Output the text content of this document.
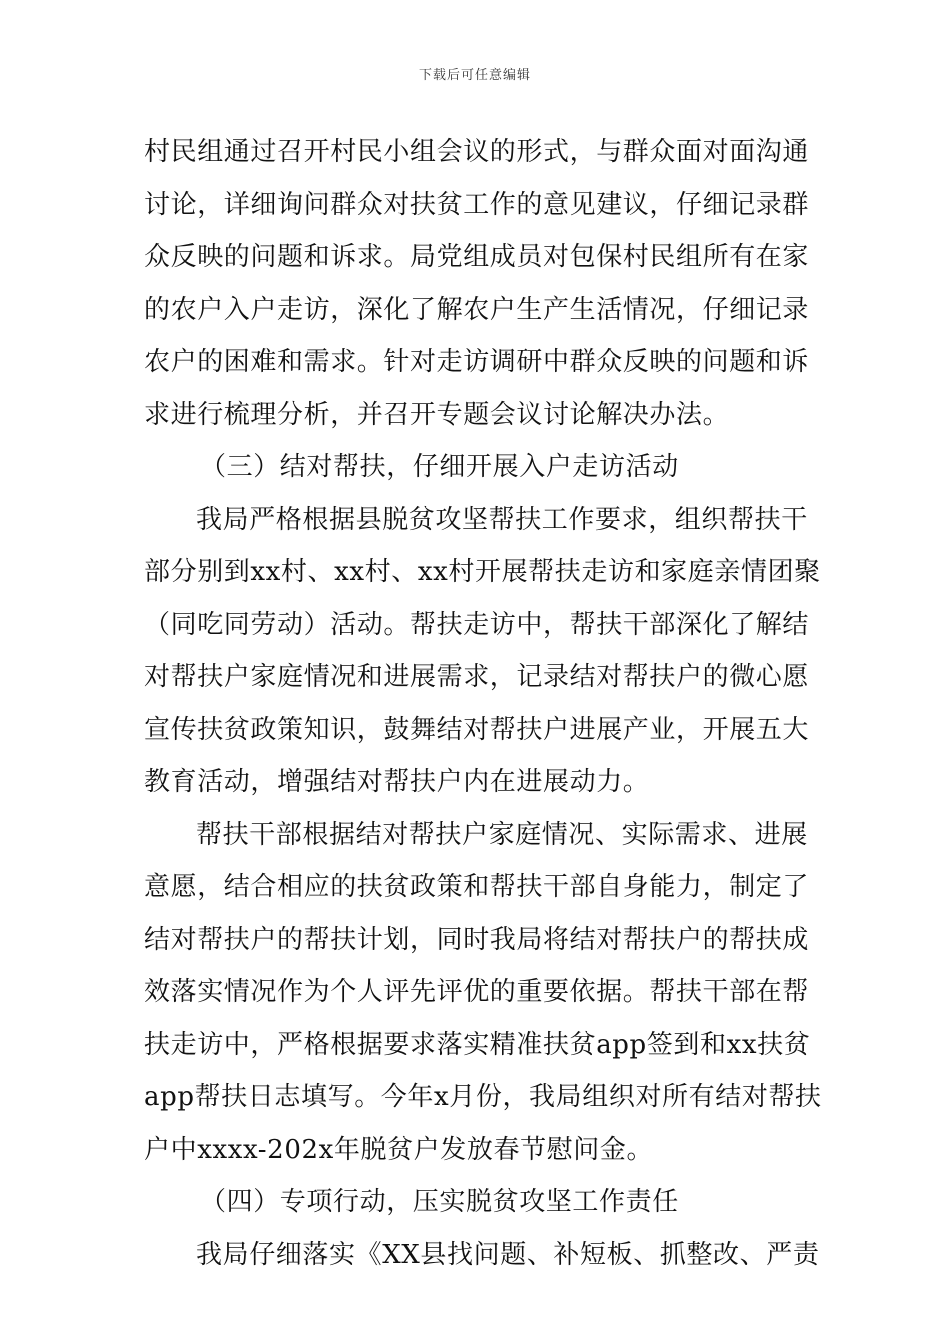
下载后可任意编辑
村民组通过召开村民小组会议的形式，与群众面对面沟通
讨论，详细询问群众对扶贫工作的意见建议，仔细记录群
众反映的问题和诉求。局党组成员对包保村民组所有在家
的农户入户走访，深化了解农户生产生活情况，仔细记录
农户的困难和需求。针对走访调研中群众反映的问题和诉
求进行梳理分析，并召开专题会议讨论解决办法。
（三）结对帮扶，仔细开展入户走访活动
我局严格根据县脱贫攻坚帮扶工作要求，组织帮扶干
部分别到xx村、xx村、xx村开展帮扶走访和家庭亲情团聚
（同吃同劳动）活动。帮扶走访中，帮扶干部深化了解结
对帮扶户家庭情况和进展需求，记录结对帮扶户的微心愿
宣传扶贫政策知识，鼓舞结对帮扶户进展产业，开展五大
教育活动，增强结对帮扶户内在进展动力。
帮扶干部根据结对帮扶户家庭情况、实际需求、进展
意愿，结合相应的扶贫政策和帮扶干部自身能力，制定了
结对帮扶户的帮扶计划，同时我局将结对帮扶户的帮扶成
效落实情况作为个人评先评优的重要依据。帮扶干部在帮
扶走访中，严格根据要求落实精准扶贫app签到和xx扶贫
app帮扶日志填写。今年x月份，我局组织对所有结对帮扶
户中xxxx-202x年脱贫户发放春节慰问金。
（四）专项行动，压实脱贫攻坚工作责任
我局仔细落实《XX县找问题、补短板、抓整改、严责
